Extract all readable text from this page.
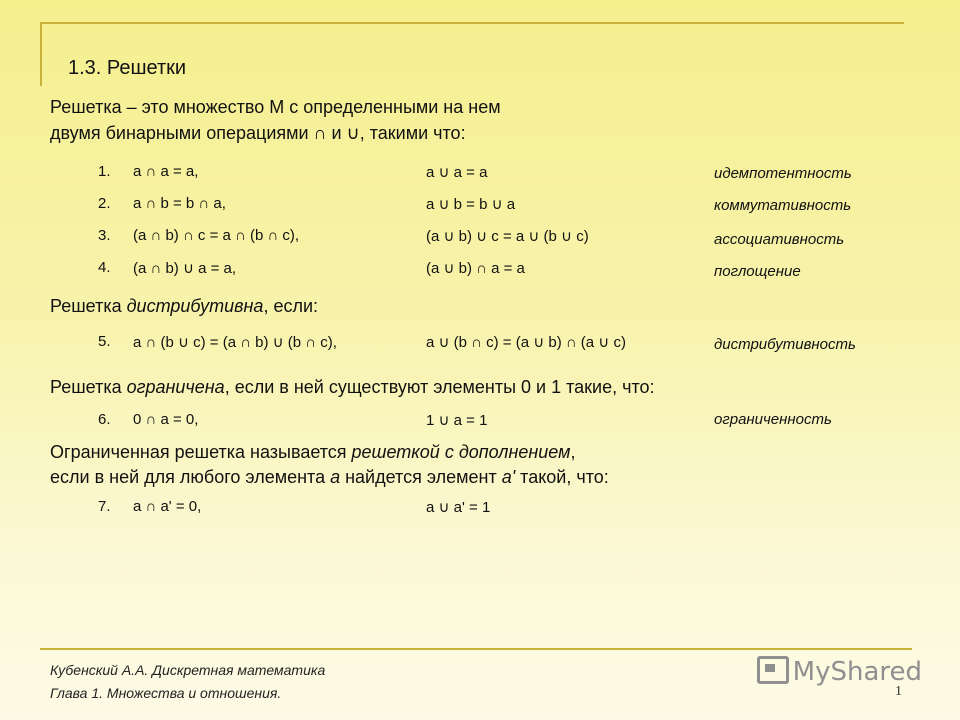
1.3. Решетки
Решетка – это множество М с определенными на нем
двумя бинарными операциями ∩ и ∪, такими что:
1. a ∩ a = a,	a ∪ a = a	идемпотентность
2. a ∩ b = b ∩ a,	a ∪ b = b ∪ a	коммутативность
3. (a ∩ b) ∩ c = a ∩ (b ∩ c),	(a ∪ b) ∪ c = a ∪ (b ∪ c)	ассоциативность
4. (a ∩ b) ∪ a = a,	(a ∪ b) ∩ a = a	поглощение
Решетка дистрибутивна, если:
5. a ∩ (b ∪ c) = (a ∩ b) ∪ (b ∩ c),	a ∪ (b ∩ c) = (a ∪ b) ∩ (a ∪ c)	дистрибутивность
Решетка ограничена, если в ней существуют элементы 0 и 1 такие, что:
6. 0 ∩ a = 0,	1 ∪ a = 1	ограниченность
Ограниченная решетка называется решеткой с дополнением,
если в ней для любого элемента a найдется элемент a' такой, что:
7. a ∩ a' = 0,	a ∪ a' = 1
Кубенский А.А. Дискретная математика
Глава 1. Множества и отношения.	1
MyShared
